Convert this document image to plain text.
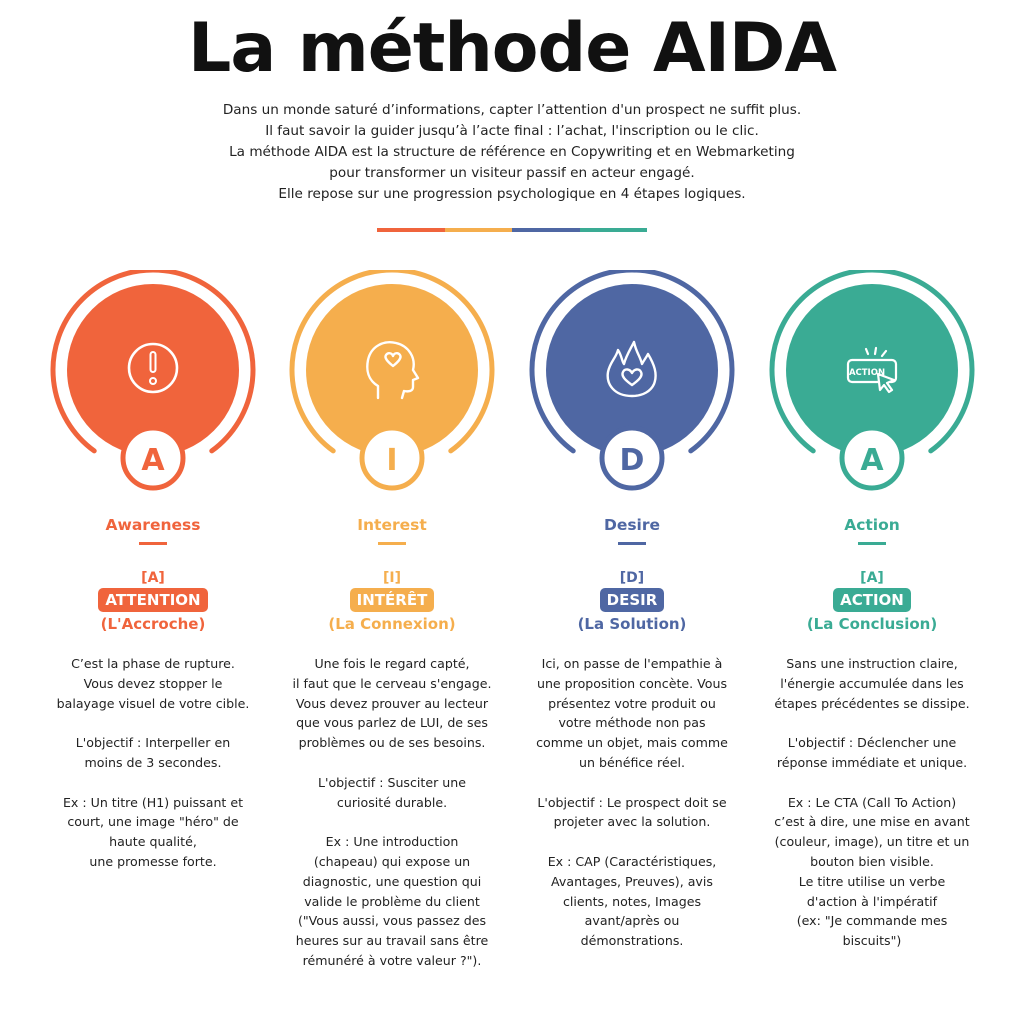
La méthode AIDA
Dans un monde saturé d’informations, capter l’attention d'un prospect ne suffit plus.
Il faut savoir la guider jusqu’à l’acte final : l’achat, l'inscription ou le clic.
La méthode AIDA est la structure de référence en Copywriting et en Webmarketing
pour transformer un visiteur passif en acteur engagé.
Elle repose sur une progression psychologique en 4 étapes logiques.
A
Awareness
[A]
ATTENTION
(L'Accroche)

C’est la phase de rupture.

Vous devez stopper le

balayage visuel de votre cible.

L'objectif : Interpeller en

moins de 3 secondes.

Ex : Un titre (H1) puissant et

court, une image "héro" de

haute qualité,

une promesse forte.

I
Interest
[I]
INTÉRÊT
(La Connexion)

Une fois le regard capté,

il faut que le cerveau s'engage.

Vous devez prouver au lecteur

que vous parlez de LUI, de ses

problèmes ou de ses besoins.

L'objectif : Susciter une

curiosité durable.

Ex : Une introduction

(chapeau) qui expose un

diagnostic, une question qui

valide le problème du client

("Vous aussi, vous passez des

heures sur au travail sans être

rémunéré à votre valeur ?").

D
Desire
[D]
DESIR
(La Solution)

Ici, on passe de l'empathie à

une proposition concète. Vous

présentez votre produit ou

votre méthode non pas

comme un objet, mais comme

un bénéfice réel.

L'objectif : Le prospect doit se

projeter avec la solution.

Ex : CAP (Caractéristiques,

Avantages, Preuves), avis

clients, notes, Images

avant/après ou

démonstrations.

ACTION
A
Action
[A]
ACTION
(La Conclusion)

Sans une instruction claire,

l'énergie accumulée dans les

étapes précédentes se dissipe.

L'objectif : Déclencher une

réponse immédiate et unique.

Ex : Le CTA (Call To Action)

c’est à dire, une mise en avant

(couleur, image), un titre et un

bouton bien visible.

Le titre utilise un verbe

d'action à l'impératif

(ex: "Je commande mes

biscuits")
